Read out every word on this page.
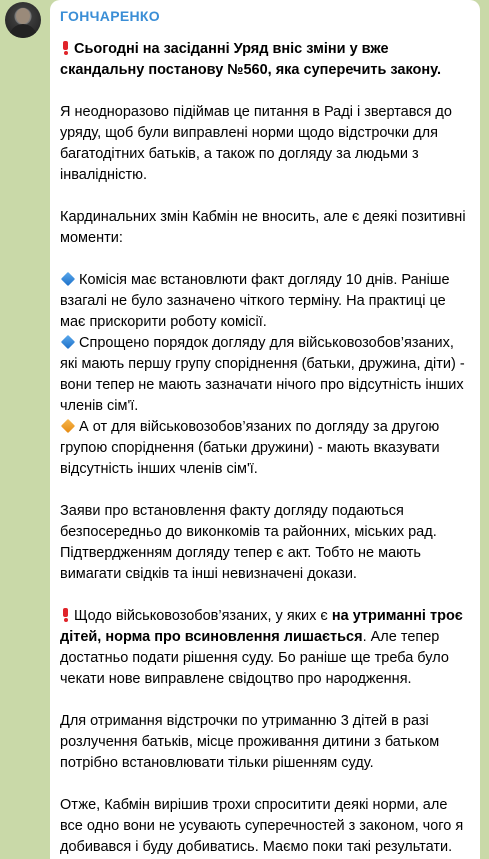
ГОНЧАРЕНКО
Сьогодні на засіданні Уряд вніс зміни у вже скандальну постанову №560, яка суперечить закону.
Я неодноразово підіймав це питання в Раді і звертався до уряду, щоб були виправлені норми щодо відстрочки для багатодітних батьків, а також по догляду за людьми з інвалідністю.
Кардинальних змін Кабмін не вносить, але є деякі позитивні моменти:

Комісія має встановлюти факт догляду 10 днів. Раніше взагалі не було зазначено чіткого терміну. На практиці це має прискорити роботу комісії.

Спрощено порядок догляду для військовозобов’язаних, які мають першу групу споріднення (батьки, дружина, діти) - вони тепер не мають зазначати нічого про відсутність інших членів сім'ї.

А от для військовозобов’язаних по догляду за другою групою споріднення (батьки дружини) - мають вказувати відсутність інших членів сім'ї.

Заяви про встановлення факту догляду подаються безпосередньо до виконкомів та районних, міських рад. Підтвердженням догляду тепер є акт. Тобто не мають вимагати свідків та інші невизначені докази.
Щодо військовозобов’язаних, у яких є на утриманні троє дітей, норма про всиновлення лишається. Але тепер достатньо подати рішення суду. Бо раніше ще треба було чекати нове виправлене свідоцтво про народження.
Для отримання відстрочки по утриманню 3 дітей в разі розлучення батьків, місце проживання дитини з батьком потрібно встановлювати тільки рішенням суду.
Отже, Кабмін вирішив трохи спроситити деякі норми, але все одно вони не усувають суперечностей з законом, чого я добивався і буду добиватись. Маємо поки такі результати.
